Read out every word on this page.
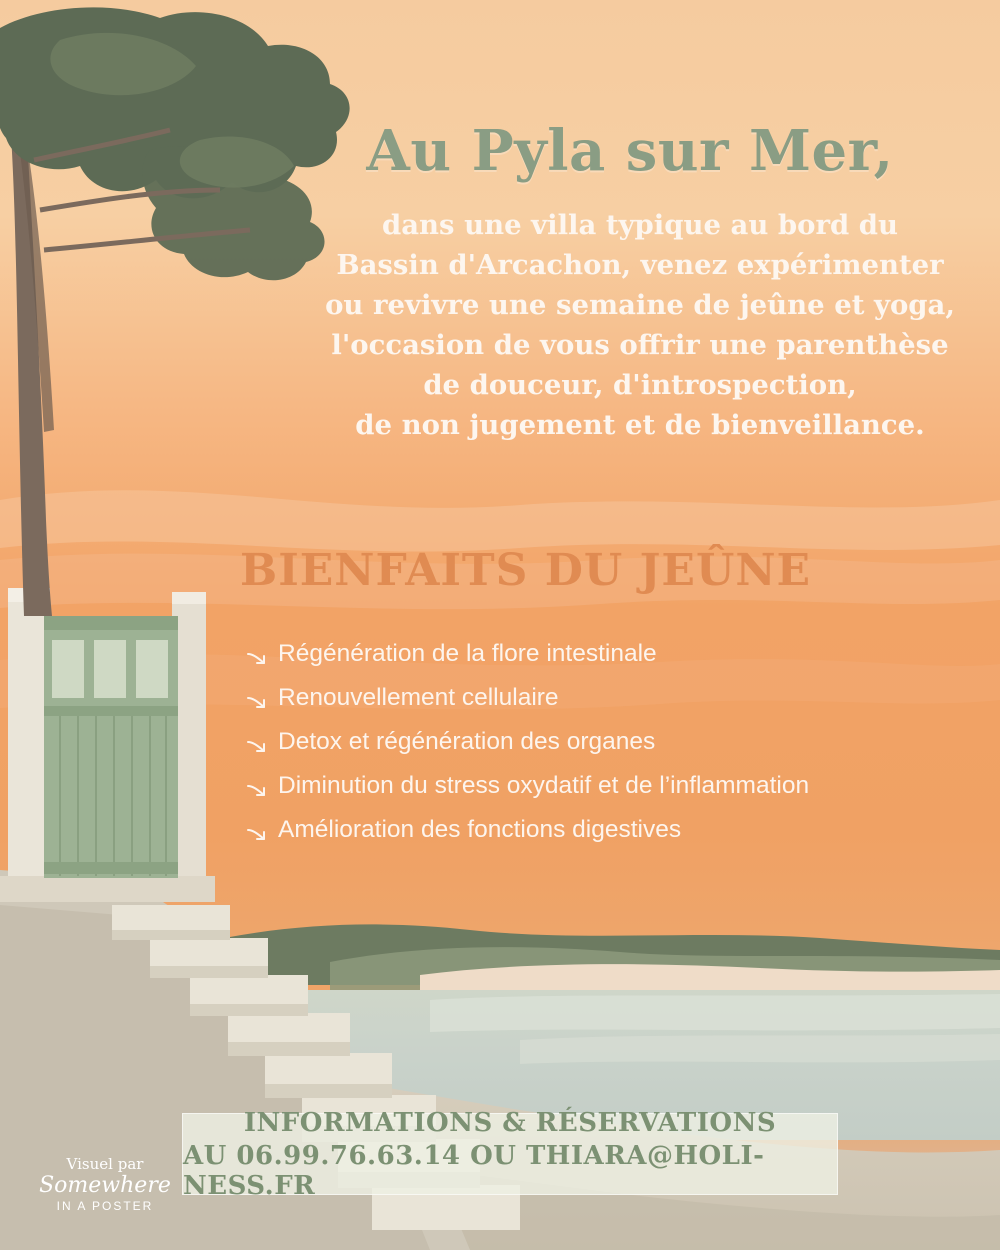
Au Pyla sur Mer,
dans une villa typique au bord du
Bassin d'Arcachon, venez expérimenter
ou revivre une semaine de jeûne et yoga,
l'occasion de vous offrir une parenthèse
de douceur, d'introspection,
de non jugement et de bienveillance.
BIENFAITS DU JEÛNE
Régénération de la flore intestinale
Renouvellement cellulaire
Detox et régénération des organes
Diminution du stress oxydatif et de l’inflammation
Amélioration des fonctions digestives
INFORMATIONS & RÉSERVATIONS
AU 06.99.76.63.14 OU THIARA@HOLI-NESS.FR
Visuel par
Somewhere
IN A POSTER
